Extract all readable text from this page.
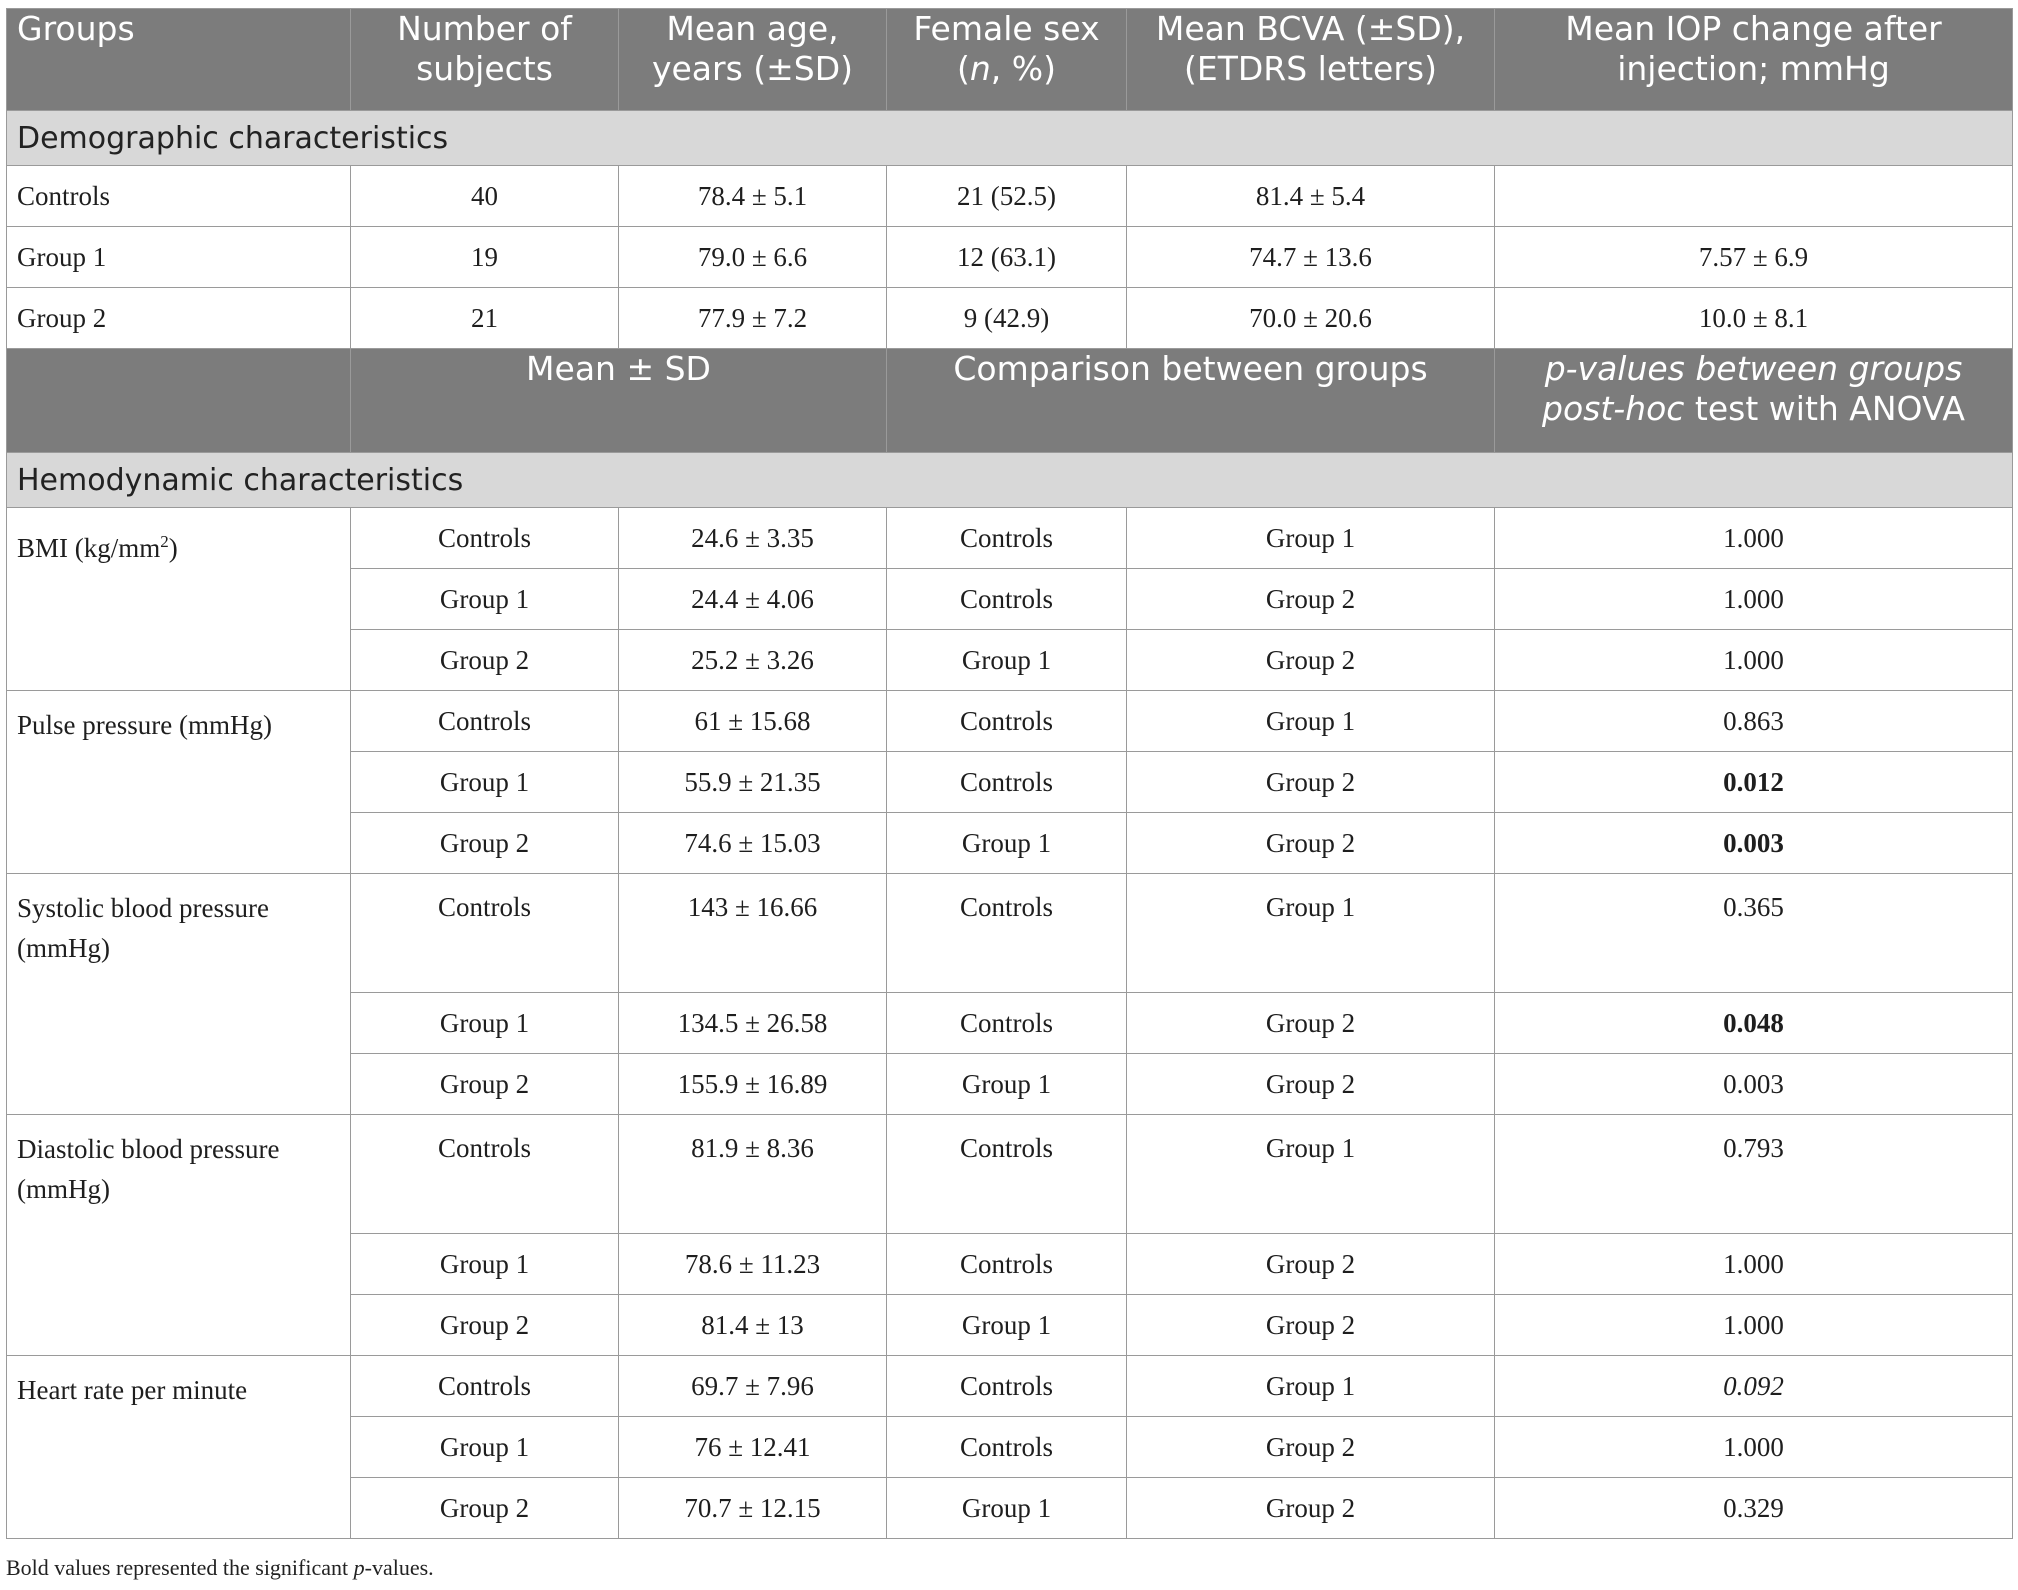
Groups	Number of subjects	Mean age, years (±SD)	Female sex (n, %)	Mean BCVA (±SD), (ETDRS letters)	Mean IOP change after injection; mmHg
Demographic characteristics					
Controls	40	78.4 ± 5.1	21 (52.5)	81.4 ± 5.4	
Group 1	19	79.0 ± 6.6	12 (63.1)	74.7 ± 13.6	7.57 ± 6.9
Group 2	21	77.9 ± 7.2	9 (42.9)	70.0 ± 20.6	10.0 ± 8.1
	Mean ± SD		Comparison between groups		p-values between groups
post-hoc test with ANOVA
Hemodynamic characteristics					
BMI $(kg/mm^2)$	Controls	24.6 ± 3.35	Controls	Group 1	1.000
	Group 1	24.4 ± 4.06	Controls	Group 2	1.000
	Group 2	25.2 ± 3.26	Group 1	Group 2	1.000
Pulse pressure (mmHg)	Controls	61 ± 15.68	Controls	Group 1	0.863
	Group 1	55.9 ± 21.35	Controls	Group 2	0.012
	Group 2	74.6 ± 15.03	Group 1	Group 2	0.003
Systolic blood pressure (mmHg)	Controls	143 ± 16.66	Controls	Group 1	0.365
	Group 1	134.5 ± 26.58	Controls	Group 2	0.048
	Group 2	155.9 ± 16.89	Group 1	Group 2	0.003
Diastolic blood pressure (mmHg)	Controls	81.9 ± 8.36	Controls	Group 1	0.793
	Group 1	78.6 ± 11.23	Controls	Group 2	1.000
	Group 2	81.4 ± 13	Group 1	Group 2	1.000
Heart rate per minute	Controls	69.7 ± 7.96	Controls	Group 1	0.092
	Group 1	76 ± 12.41	Controls	Group 2	1.000
	Group 2	70.7 ± 12.15	Group 1	Group 2	0.329
Bold values represented the significant p-values.
